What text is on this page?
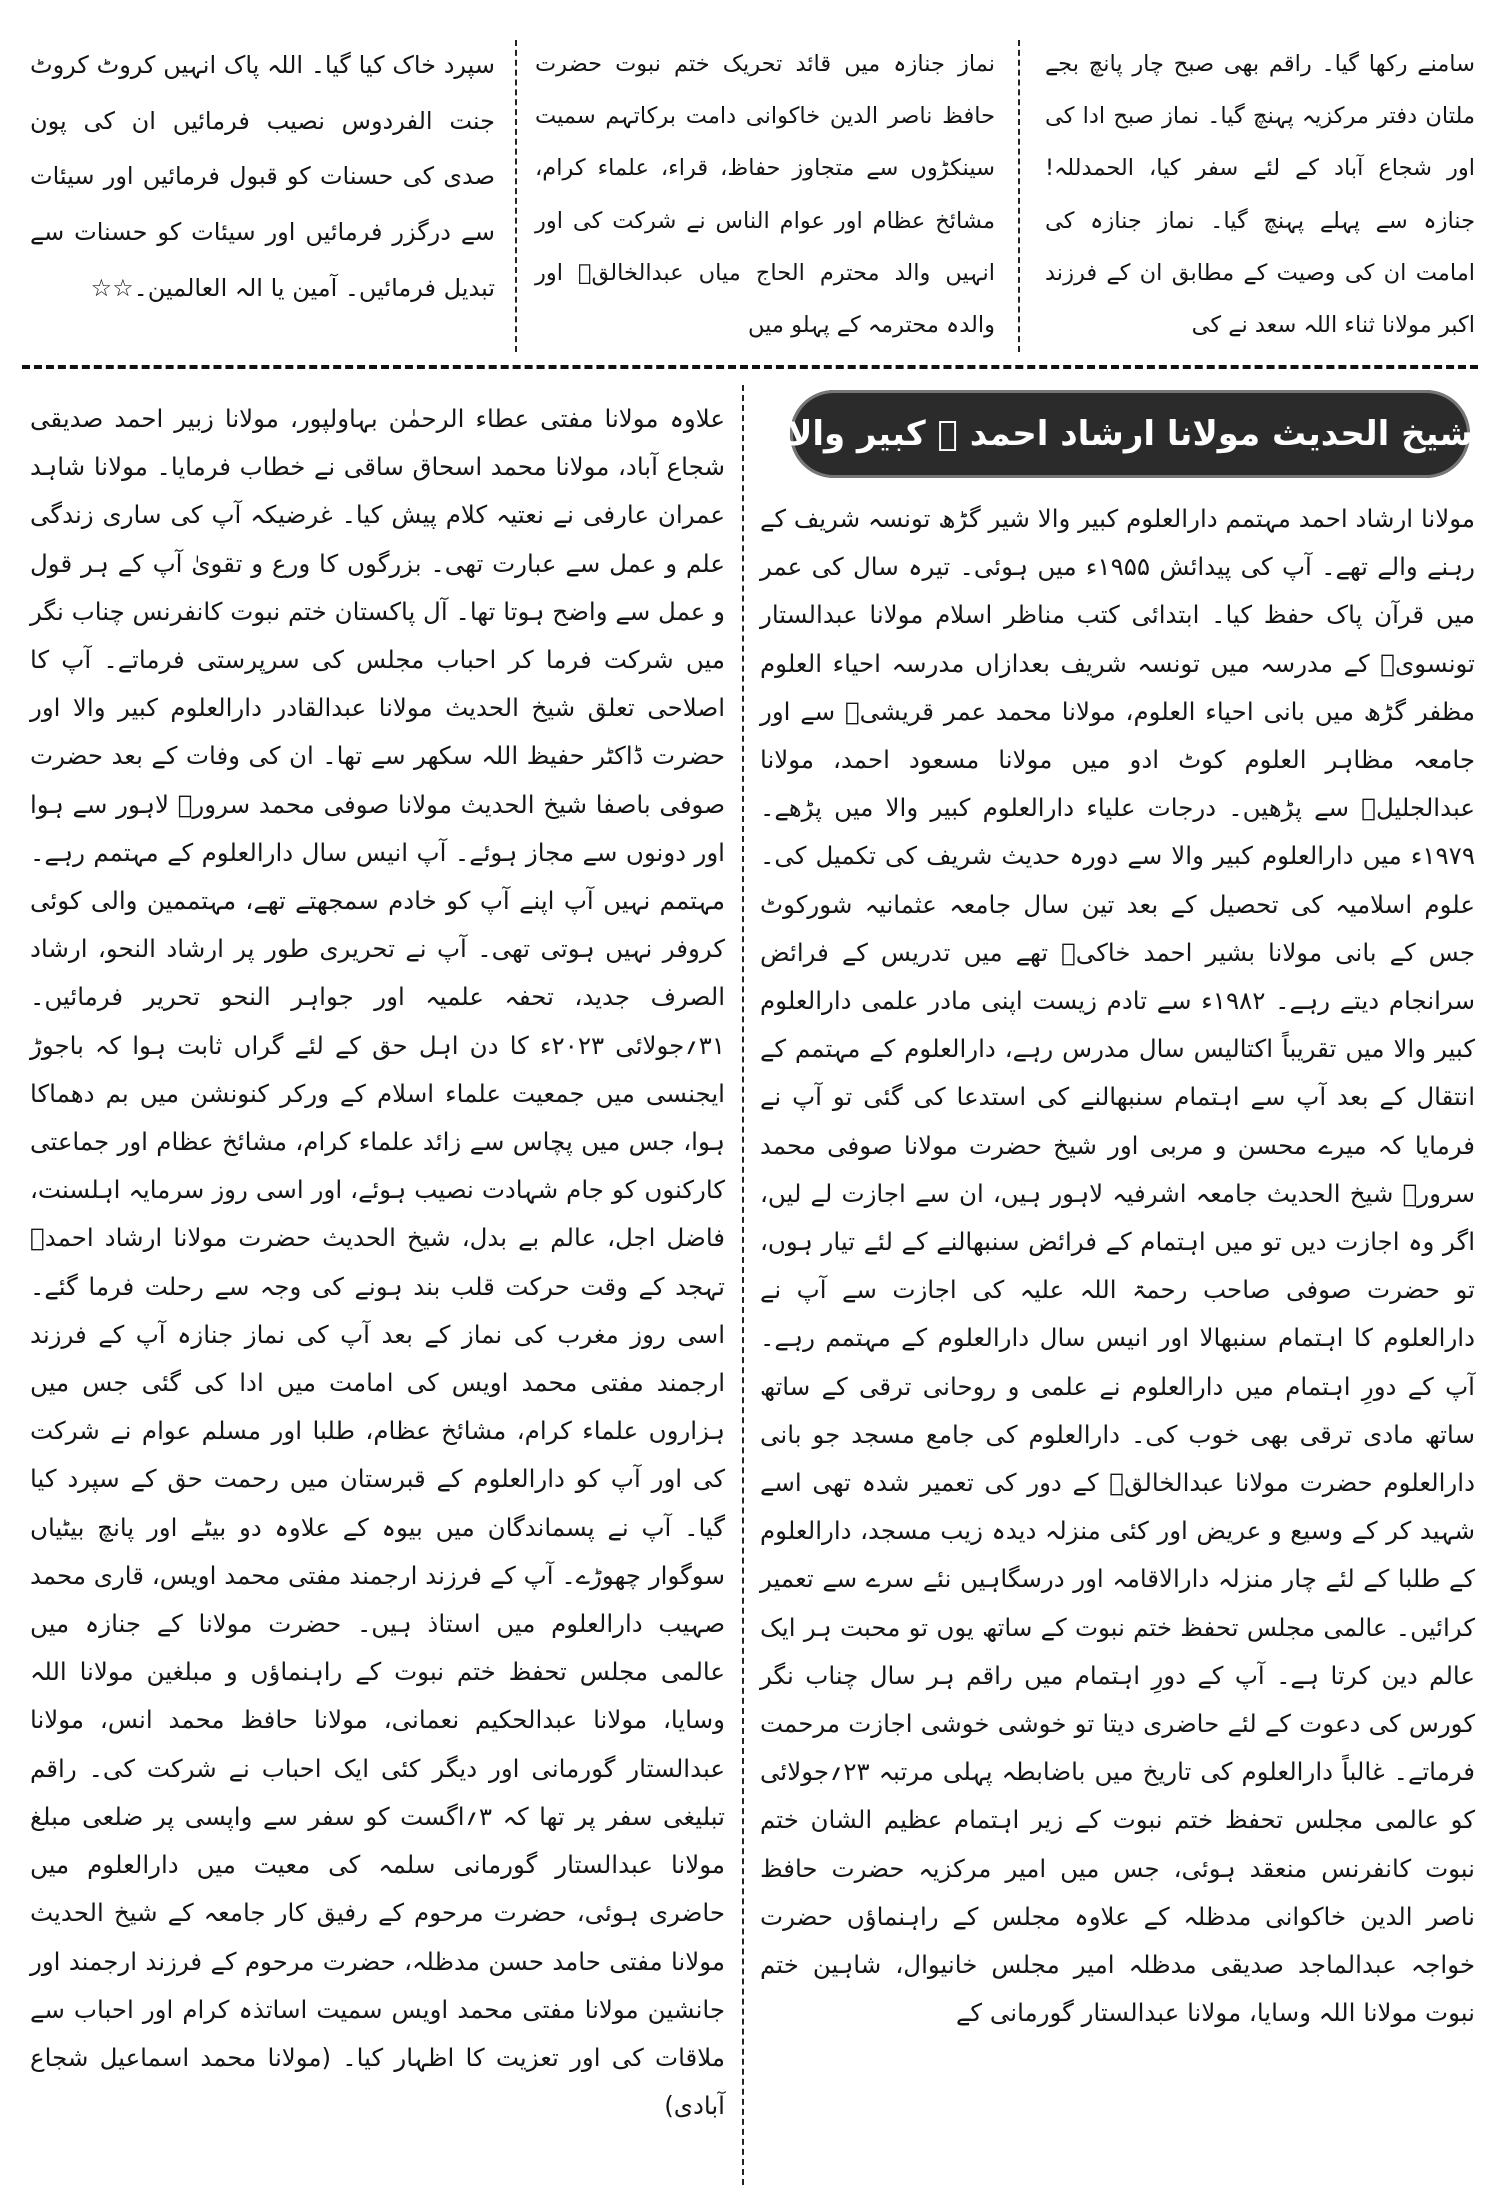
سامنے رکھا گیا۔ راقم بھی صبح چار پانچ بجے ملتان دفتر مرکزیہ پہنچ گیا۔ نماز صبح ادا کی اور شجاع آباد کے لئے سفر کیا، الحمدللہ! جنازہ سے پہلے پہنچ گیا۔ نماز جنازہ کی امامت ان کی وصیت کے مطابق ان کے فرزند اکبر مولانا ثناء اللہ سعد نے کی

نماز جنازہ میں قائد تحریک ختم نبوت حضرت حافظ ناصر الدین خاکوانی دامت برکاتہم سمیت سینکڑوں سے متجاوز حفاظ، قراء، علماء کرام، مشائخ عظام اور عوام الناس نے شرکت کی اور انہیں والد محترم الحاج میاں عبدالخالقؒ اور والدہ محترمہ کے پہلو میں

سپرد خاک کیا گیا۔ اللہ پاک انہیں کروٹ کروٹ جنت الفردوس نصیب فرمائیں ان کی پون صدی کی حسنات کو قبول فرمائیں اور سیئات سے درگزر فرمائیں اور سیئات کو حسنات سے تبدیل فرمائیں۔ آمین یا الہ العالمین۔☆☆

شیخ الحدیث مولانا ارشاد احمد ﷫ کبیر والا

مولانا ارشاد احمد مہتمم دارالعلوم کبیر والا شیر گڑھ تونسہ شریف کے رہنے والے تھے۔ آپ کی پیدائش ۱۹۵۵ء میں ہوئی۔ تیرہ سال کی عمر میں قرآن پاک حفظ کیا۔ ابتدائی کتب مناظر اسلام مولانا عبدالستار تونسویؒ کے مدرسہ میں تونسہ شریف بعدازاں مدرسہ احیاء العلوم مظفر گڑھ میں بانی احیاء العلوم، مولانا محمد عمر قریشیؒ سے اور جامعہ مظاہر العلوم کوٹ ادو میں مولانا مسعود احمد، مولانا عبدالجلیلؒ سے پڑھیں۔ درجات علیاء دارالعلوم کبیر والا میں پڑھے۔ ۱۹۷۹ء میں دارالعلوم کبیر والا سے دورہ حدیث شریف کی تکمیل کی۔ علوم اسلامیہ کی تحصیل کے بعد تین سال جامعہ عثمانیہ شورکوٹ جس کے بانی مولانا بشیر احمد خاکیؒ تھے میں تدریس کے فرائض سرانجام دیتے رہے۔ ۱۹۸۲ء سے تادم زیست اپنی مادر علمی دارالعلوم کبیر والا میں تقریباً اکتالیس سال مدرس رہے، دارالعلوم کے مہتمم کے انتقال کے بعد آپ سے اہتمام سنبھالنے کی استدعا کی گئی تو آپ نے فرمایا کہ میرے محسن و مربی اور شیخ حضرت مولانا صوفی محمد سرورؒ شیخ الحدیث جامعہ اشرفیہ لاہور ہیں، ان سے اجازت لے لیں، اگر وہ اجازت دیں تو میں اہتمام کے فرائض سنبھالنے کے لئے تیار ہوں، تو حضرت صوفی صاحب رحمۃ اللہ علیہ کی اجازت سے آپ نے دارالعلوم کا اہتمام سنبھالا اور انیس سال دارالعلوم کے مہتمم رہے۔ آپ کے دورِ اہتمام میں دارالعلوم نے علمی و روحانی ترقی کے ساتھ ساتھ مادی ترقی بھی خوب کی۔ دارالعلوم کی جامع مسجد جو بانی دارالعلوم حضرت مولانا عبدالخالقؒ کے دور کی تعمیر شدہ تھی اسے شہید کر کے وسیع و عریض اور کئی منزلہ دیدہ زیب مسجد، دارالعلوم کے طلبا کے لئے چار منزلہ دارالاقامہ اور درسگاہیں نئے سرے سے تعمیر کرائیں۔ عالمی مجلس تحفظ ختم نبوت کے ساتھ یوں تو محبت ہر ایک عالم دین کرتا ہے۔ آپ کے دورِ اہتمام میں راقم ہر سال چناب نگر کورس کی دعوت کے لئے حاضری دیتا تو خوشی خوشی اجازت مرحمت فرماتے۔ غالباً دارالعلوم کی تاریخ میں باضابطہ پہلی مرتبہ ۲۳؍جولائی کو عالمی مجلس تحفظ ختم نبوت کے زیر اہتمام عظیم الشان ختم نبوت کانفرنس منعقد ہوئی، جس میں امیر مرکزیہ حضرت حافظ ناصر الدین خاکوانی مدظلہ کے علاوہ مجلس کے راہنماؤں حضرت خواجہ عبدالماجد صدیقی مدظلہ امیر مجلس خانیوال، شاہین ختم نبوت مولانا اللہ وسایا، مولانا عبدالستار گورمانی کے

علاوہ مولانا مفتی عطاء الرحمٰن بہاولپور، مولانا زبیر احمد صدیقی شجاع آباد، مولانا محمد اسحاق ساقی نے خطاب فرمایا۔ مولانا شاہد عمران عارفی نے نعتیہ کلام پیش کیا۔ غرضیکہ آپ کی ساری زندگی علم و عمل سے عبارت تھی۔ بزرگوں کا ورع و تقویٰ آپ کے ہر قول و عمل سے واضح ہوتا تھا۔ آل پاکستان ختم نبوت کانفرنس چناب نگر میں شرکت فرما کر احباب مجلس کی سرپرستی فرماتے۔ آپ کا اصلاحی تعلق شیخ الحدیث مولانا عبدالقادر دارالعلوم کبیر والا اور حضرت ڈاکٹر حفیظ اللہ سکھر سے تھا۔ ان کی وفات کے بعد حضرت صوفی باصفا شیخ الحدیث مولانا صوفی محمد سرورؒ لاہور سے ہوا اور دونوں سے مجاز ہوئے۔ آپ انیس سال دارالعلوم کے مہتمم رہے۔ مہتمم نہیں آپ اپنے آپ کو خادم سمجھتے تھے، مہتممین والی کوئی کروفر نہیں ہوتی تھی۔ آپ نے تحریری طور پر ارشاد النحو، ارشاد الصرف جدید، تحفہ علمیہ اور جواہر النحو تحریر فرمائیں۔ ۳۱؍جولائی ۲۰۲۳ء کا دن اہل حق کے لئے گراں ثابت ہوا کہ باجوڑ ایجنسی میں جمعیت علماء اسلام کے ورکر کنونشن میں بم دھماکا ہوا، جس میں پچاس سے زائد علماء کرام، مشائخ عظام اور جماعتی کارکنوں کو جام شہادت نصیب ہوئے، اور اسی روز سرمایہ اہلسنت، فاضل اجل، عالم بے بدل، شیخ الحدیث حضرت مولانا ارشاد احمدؒ تہجد کے وقت حرکت قلب بند ہونے کی وجہ سے رحلت فرما گئے۔ اسی روز مغرب کی نماز کے بعد آپ کی نماز جنازہ آپ کے فرزند ارجمند مفتی محمد اویس کی امامت میں ادا کی گئی جس میں ہزاروں علماء کرام، مشائخ عظام، طلبا اور مسلم عوام نے شرکت کی اور آپ کو دارالعلوم کے قبرستان میں رحمت حق کے سپرد کیا گیا۔ آپ نے پسماندگان میں بیوہ کے علاوہ دو بیٹے اور پانچ بیٹیاں سوگوار چھوڑے۔ آپ کے فرزند ارجمند مفتی محمد اویس، قاری محمد صہیب دارالعلوم میں استاذ ہیں۔ حضرت مولانا کے جنازہ میں عالمی مجلس تحفظ ختم نبوت کے راہنماؤں و مبلغین مولانا اللہ وسایا، مولانا عبدالحکیم نعمانی، مولانا حافظ محمد انس، مولانا عبدالستار گورمانی اور دیگر کئی ایک احباب نے شرکت کی۔ راقم تبلیغی سفر پر تھا کہ ۳؍اگست کو سفر سے واپسی پر ضلعی مبلغ مولانا عبدالستار گورمانی سلمہ کی معیت میں دارالعلوم میں حاضری ہوئی، حضرت مرحوم کے رفیق کار جامعہ کے شیخ الحدیث مولانا مفتی حامد حسن مدظلہ، حضرت مرحوم کے فرزند ارجمند اور جانشین مولانا مفتی محمد اویس سمیت اساتذہ کرام اور احباب سے ملاقات کی اور تعزیت کا اظہار کیا۔ (مولانا محمد اسماعیل شجاع آبادی)
